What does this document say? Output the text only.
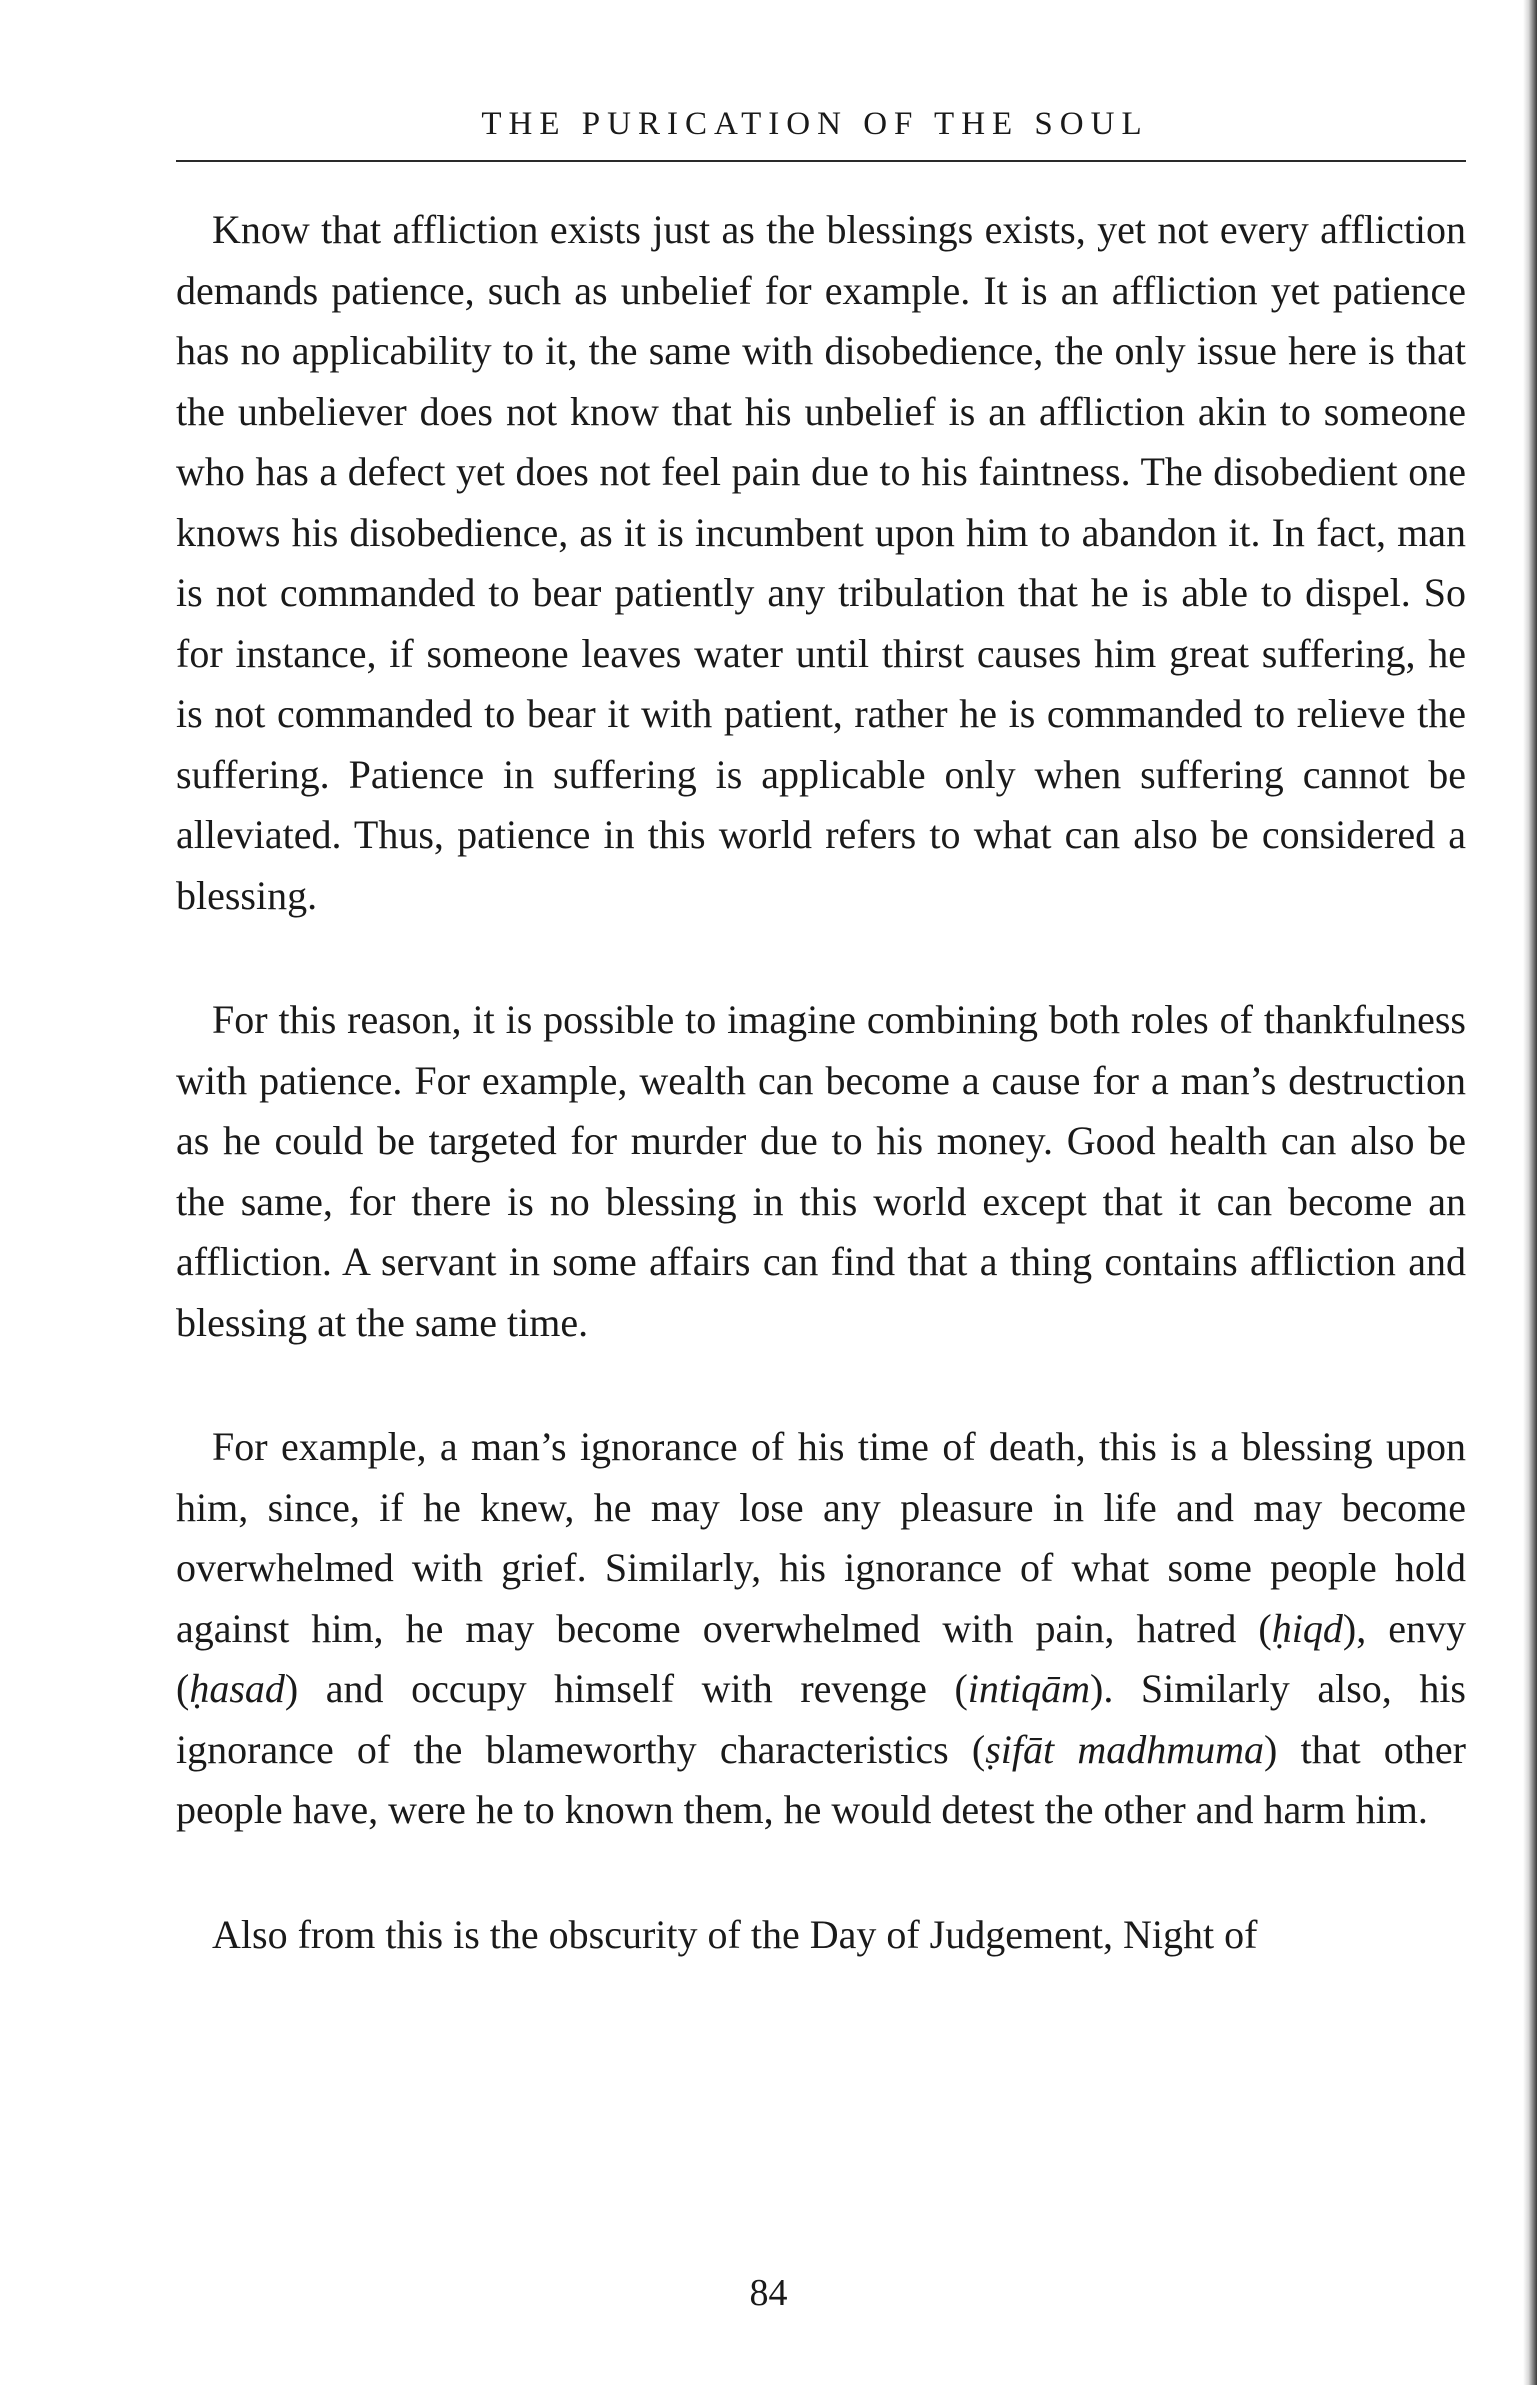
THE PURICATION OF THE SOUL

Know that affliction exists just as the blessings exists, yet not every affliction demands patience, such as unbelief for example. It is an affliction yet patience has no applicability to it, the same with disobedience, the only issue here is that the unbeliever does not know that his unbelief is an affliction akin to someone who has a defect yet does not feel pain due to his faintness. The disobedient one knows his disobedience, as it is incumbent upon him to abandon it. In fact, man is not commanded to bear patiently any tribulation that he is able to dispel. So for instance, if someone leaves water until thirst causes him great suffering, he is not commanded to bear it with patient, rather he is commanded to relieve the suffering. Patience in suffering is applicable only when suffering cannot be alleviated. Thus, patience in this world refers to what can also be considered a blessing.

For this reason, it is possible to imagine combining both roles of thankfulness with patience. For example, wealth can become a cause for a man’s destruction as he could be targeted for murder due to his money. Good health can also be the same, for there is no blessing in this world except that it can become an affliction. A servant in some affairs can find that a thing contains affliction and blessing at the same time.

For example, a man’s ignorance of his time of death, this is a blessing upon him, since, if he knew, he may lose any pleasure in life and may become overwhelmed with grief. Similarly, his ignorance of what some people hold against him, he may become overwhelmed with pain, hatred (ḥiqd), envy (ḥasad) and occupy himself with revenge (intiqām). Similarly also, his ignorance of the blameworthy characteristics (ṣifāt madhmuma) that other people have, were he to known them, he would detest the other and harm him.

Also from this is the obscurity of the Day of Judgement, Night of

84
